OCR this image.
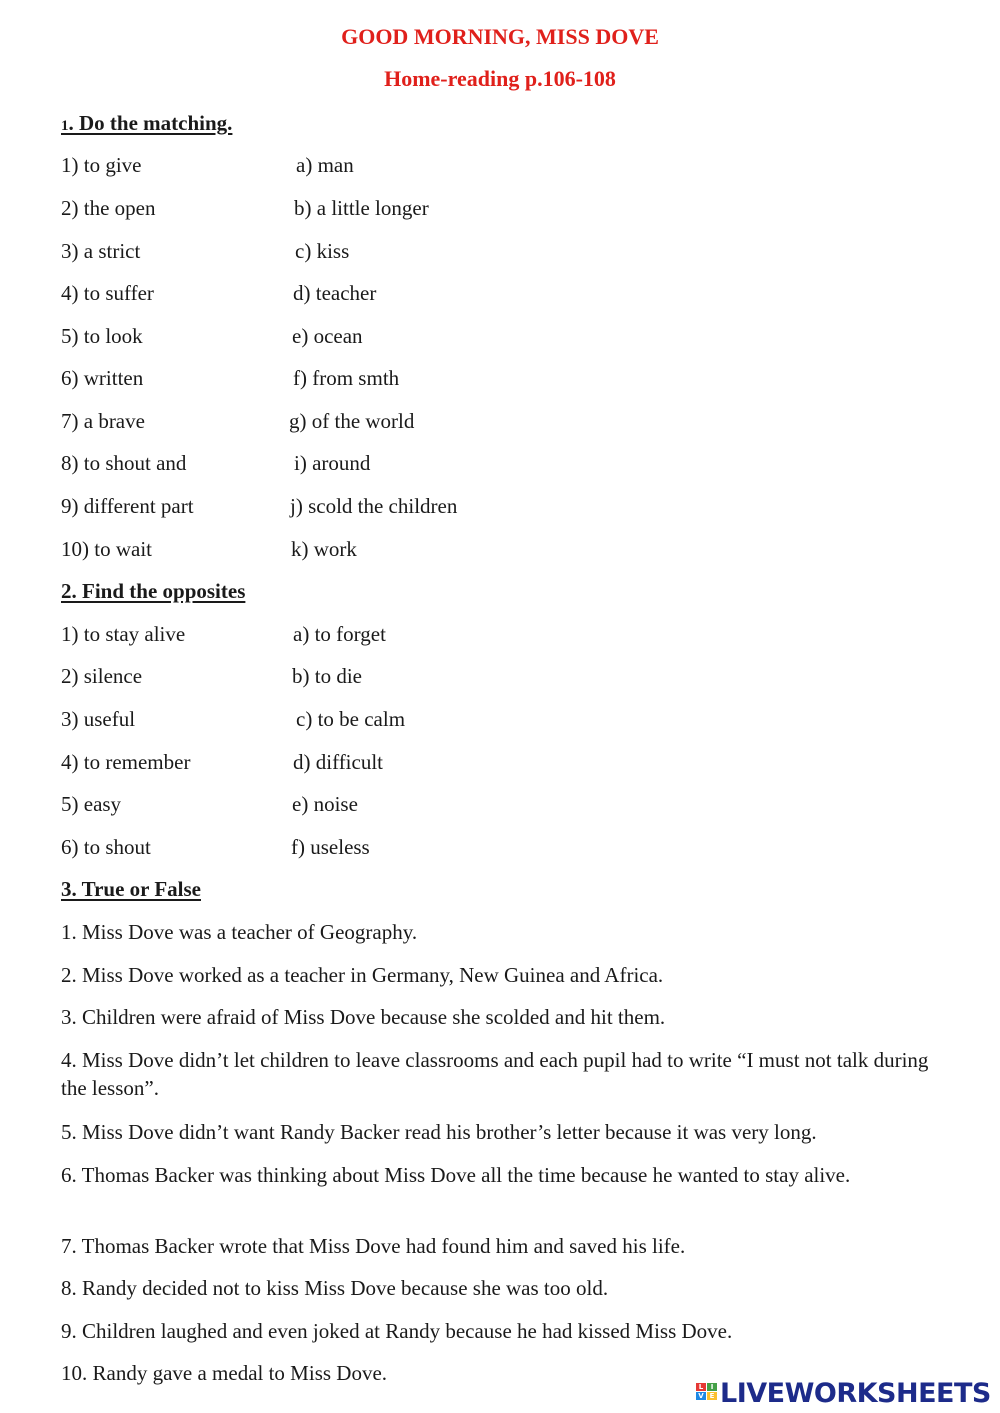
GOOD MORNING, MISS DOVE
Home-reading p.106-108
1. Do the matching.
1) to give	a) man
2) the open	b) a little longer
3) a strict	c) kiss
4) to suffer	d) teacher
5) to look	e) ocean
6) written	f) from smth
7) a brave	g) of the world
8) to shout and	i) around
9) different part	j) scold the children
10) to wait	k) work
2. Find the opposites
1) to stay alive	a) to forget
2) silence	b) to die
3) useful	c) to be calm
4) to remember	d) difficult
5) easy	e) noise
6) to shout	f) useless
3. True or False
1. Miss Dove was a teacher of Geography.
2. Miss Dove worked as a teacher in Germany, New Guinea and Africa.
3. Children were afraid of Miss Dove because she scolded and hit them.
4. Miss Dove didn’t let children to leave classrooms and each pupil had to write “I must not talk during the lesson”.
5. Miss Dove didn’t want Randy Backer read his brother’s letter because it was very long.
6. Thomas Backer was thinking about Miss Dove all the time because he wanted to stay alive.
7. Thomas Backer wrote that Miss Dove had found him and saved his life.
8. Randy decided not to kiss Miss Dove because she was too old.
9. Children laughed and even joked at Randy because he had kissed Miss Dove.
10. Randy gave a medal to Miss Dove.
L	I
V E LIVEWORKSHEETS
